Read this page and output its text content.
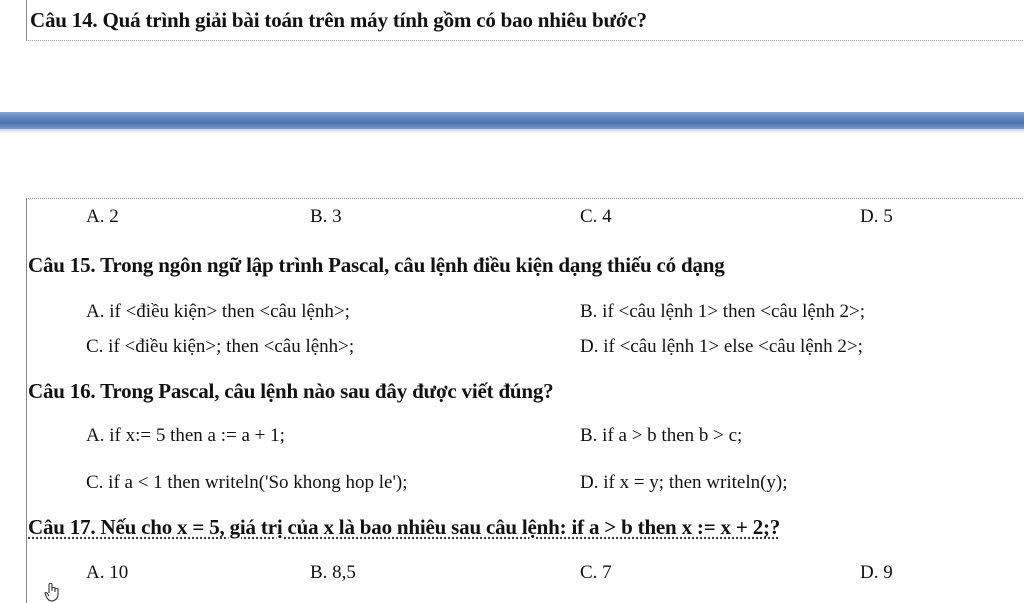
Câu 14. Quá trình giải bài toán trên máy tính gồm có bao nhiêu bước?
A. 2	B. 3	C. 4	D. 5
Câu 15. Trong ngôn ngữ lập trình Pascal, câu lệnh điều kiện dạng thiếu có dạng
A. if <điều kiện> then <câu lệnh>;	B. if <câu lệnh 1> then <câu lệnh 2>;
C. if <điều kiện>; then <câu lệnh>;	D. if <câu lệnh 1> else <câu lệnh 2>;
Câu 16. Trong Pascal, câu lệnh nào sau đây được viết đúng?
A. if x:= 5 then a := a + 1;	B. if a > b then b > c;
C. if a < 1 then writeln('So khong hop le');	D. if x = y; then writeln(y);
Câu 17. Nếu cho x = 5, giá trị của x là bao nhiêu sau câu lệnh: if a > b then x := x + 2;?
A. 10	B. 8,5	C. 7	D. 9
